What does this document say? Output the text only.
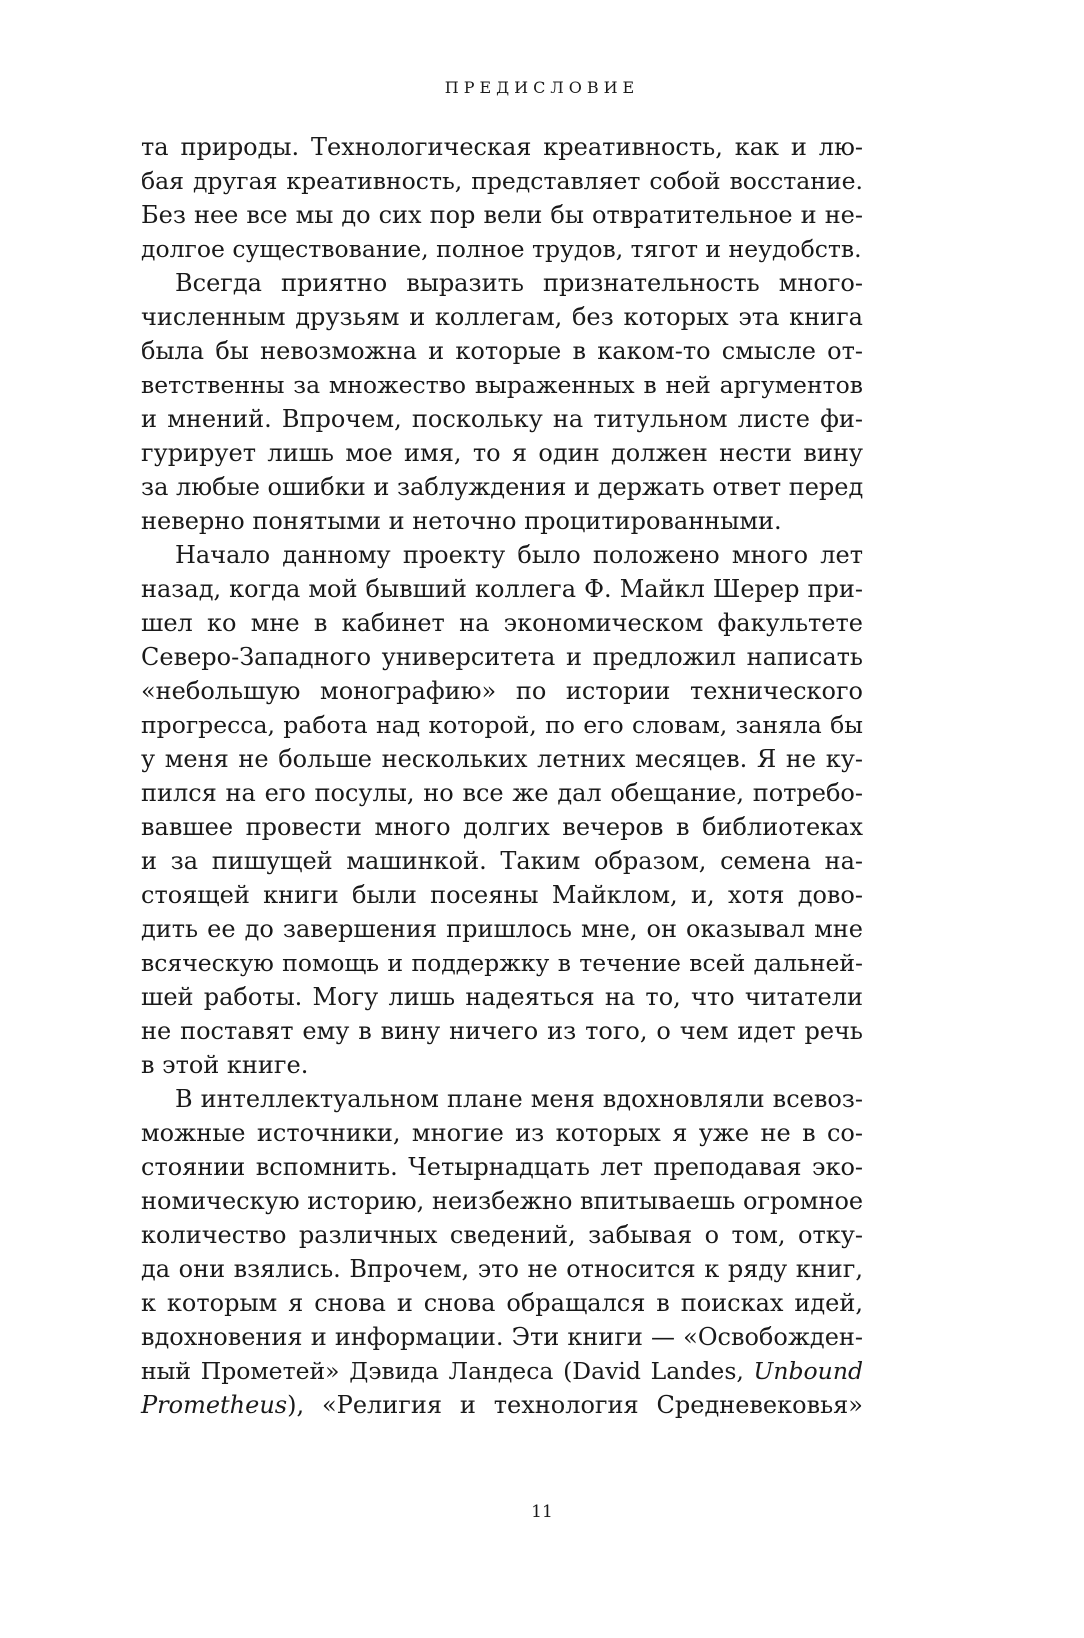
ПРЕДИСЛОВИЕ
та природы. Технологическая креативность, как и лю-
бая другая креативность, представляет собой восстание.
Без нее все мы до сих пор вели бы отвратительное и не-
долгое существование, полное трудов, тягот и неудобств.
Всегда приятно выразить признательность много-
численным друзьям и коллегам, без которых эта книга
была бы невозможна и которые в каком-то смысле от-
ветственны за множество выраженных в ней аргументов
и мнений. Впрочем, поскольку на титульном листе фи-
гурирует лишь мое имя, то я один должен нести вину
за любые ошибки и заблуждения и держать ответ перед
неверно понятыми и неточно процитированными.
Начало данному проекту было положено много лет
назад, когда мой бывший коллега Ф. Майкл Шерер при-
шел ко мне в кабинет на экономическом факультете
Северо-Западного университета и предложил написать
«небольшую монографию» по истории технического
прогресса, работа над которой, по его словам, заняла бы
у меня не больше нескольких летних месяцев. Я не ку-
пился на его посулы, но все же дал обещание, потребо-
вавшее провести много долгих вечеров в библиотеках
и за пишущей машинкой. Таким образом, семена на-
стоящей книги были посеяны Майклом, и, хотя дово-
дить ее до завершения пришлось мне, он оказывал мне
всяческую помощь и поддержку в течение всей дальней-
шей работы. Могу лишь надеяться на то, что читатели
не поставят ему в вину ничего из того, о чем идет речь
в этой книге.
В интеллектуальном плане меня вдохновляли всевоз-
можные источники, многие из которых я уже не в со-
стоянии вспомнить. Четырнадцать лет преподавая эко-
номическую историю, неизбежно впитываешь огромное
количество различных сведений, забывая о том, отку-
да они взялись. Впрочем, это не относится к ряду книг,
к которым я снова и снова обращался в поисках идей,
вдохновения и информации. Эти книги — «Освобожден-
ный Прометей» Дэвида Ландеса (David Landes, Unbound
Prometheus), «Религия и технология Средневековья»
11
